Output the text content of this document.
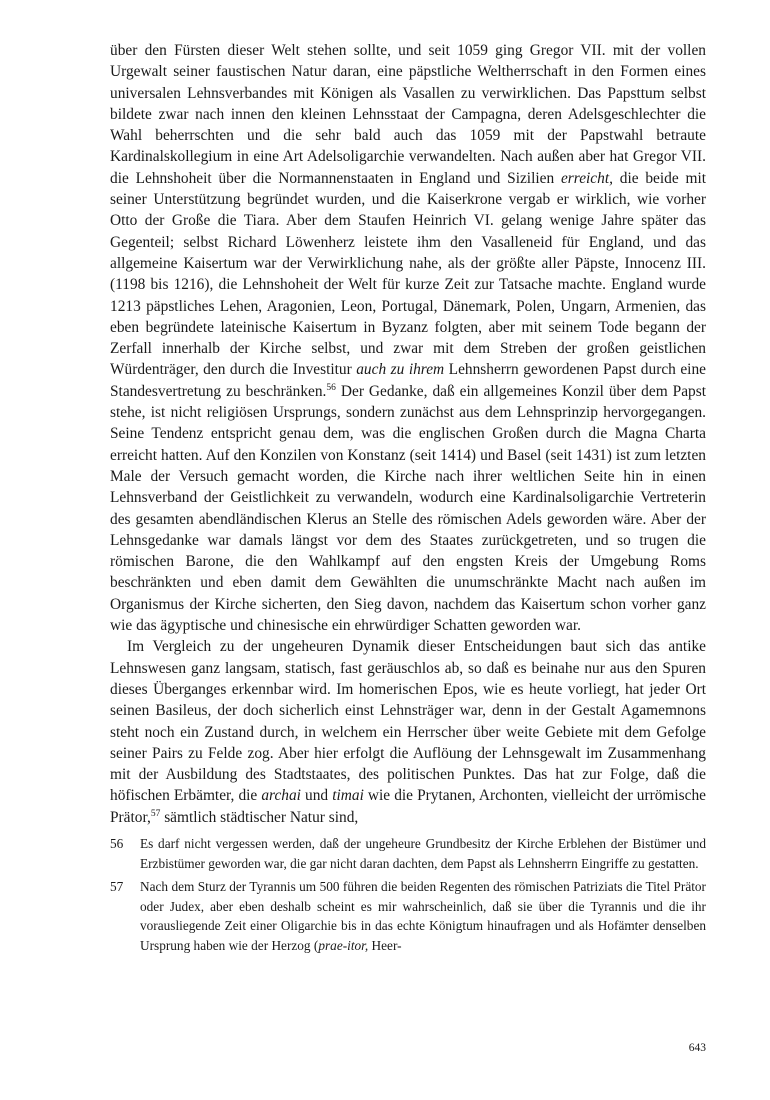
über den Fürsten dieser Welt stehen sollte, und seit 1059 ging Gregor VII. mit der vollen Urgewalt seiner faustischen Natur daran, eine päpstliche Weltherrschaft in den Formen eines universalen Lehnsverbandes mit Königen als Vasallen zu verwirklichen. Das Papsttum selbst bildete zwar nach innen den kleinen Lehnsstaat der Campagna, deren Adelsgeschlechter die Wahl beherrschten und die sehr bald auch das 1059 mit der Papstwahl betraute Kardinalskollegium in eine Art Adelsoligarchie verwandelten. Nach außen aber hat Gregor VII. die Lehnshoheit über die Normannenstaaten in England und Sizilien erreicht, die beide mit seiner Unterstützung begründet wurden, und die Kaiserkrone vergab er wirklich, wie vorher Otto der Große die Tiara. Aber dem Staufen Heinrich VI. gelang wenige Jahre später das Gegenteil; selbst Richard Löwenherz leistete ihm den Vasalleneid für England, und das allgemeine Kaisertum war der Verwirklichung nahe, als der größte aller Päpste, Innocenz III. (1198 bis 1216), die Lehnshoheit der Welt für kurze Zeit zur Tatsache machte. England wurde 1213 päpstliches Lehen, Aragonien, Leon, Portugal, Dänemark, Polen, Ungarn, Armenien, das eben begründete lateinische Kaisertum in Byzanz folgten, aber mit seinem Tode begann der Zerfall innerhalb der Kirche selbst, und zwar mit dem Streben der großen geistlichen Würdenträger, den durch die Investitur auch zu ihrem Lehnsherrn gewordenen Papst durch eine Standesvertretung zu beschränken.$^{56}$ Der Gedanke, daß ein allgemeines Konzil über dem Papst stehe, ist nicht religiösen Ursprungs, sondern zunächst aus dem Lehnsprinzip hervorgegangen. Seine Tendenz entspricht genau dem, was die englischen Großen durch die Magna Charta erreicht hatten. Auf den Konzilen von Konstanz (seit 1414) und Basel (seit 1431) ist zum letzten Male der Versuch gemacht worden, die Kirche nach ihrer weltlichen Seite hin in einen Lehnsverband der Geistlichkeit zu verwandeln, wodurch eine Kardinalsoligarchie Vertreterin des gesamten abendländischen Klerus an Stelle des römischen Adels geworden wäre. Aber der Lehnsgedanke war damals längst vor dem des Staates zurückgetreten, und so trugen die römischen Barone, die den Wahlkampf auf den engsten Kreis der Umgebung Roms beschränkten und eben damit dem Gewählten die unumschränkte Macht nach außen im Organismus der Kirche sicherten, den Sieg davon, nachdem das Kaisertum schon vorher ganz wie das ägyptische und chinesische ein ehrwürdiger Schatten geworden war.

Im Vergleich zu der ungeheuren Dynamik dieser Entscheidungen baut sich das antike Lehnswesen ganz langsam, statisch, fast geräuschlos ab, so daß es beinahe nur aus den Spuren dieses Überganges erkennbar wird. Im homerischen Epos, wie es heute vorliegt, hat jeder Ort seinen Basileus, der doch sicherlich einst Lehnsträger war, denn in der Gestalt Agamemnons steht noch ein Zustand durch, in welchem ein Herrscher über weite Gebiete mit dem Gefolge seiner Pairs zu Felde zog. Aber hier erfolgt die Auflöung der Lehnsgewalt im Zusammenhang mit der Ausbildung des Stadtstaates, des politischen Punktes. Das hat zur Folge, daß die höfischen Erbämter, die archai und timai wie die Prytanen, Archonten, vielleicht der urrömische Prätor,$^{57}$ sämtlich städtischer Natur sind,

56	Es darf nicht vergessen werden, daß der ungeheure Grundbesitz der Kirche Erblehen der Bistümer und Erzbistümer geworden war, die gar nicht daran dachten, dem Papst als Lehnsherrn Eingriffe zu gestatten.
57	Nach dem Sturz der Tyrannis um 500 führen die beiden Regenten des römischen Patriziats die Titel Prätor oder Judex, aber eben deshalb scheint es mir wahrscheinlich, daß sie über die Tyrannis und die ihr vorausliegende Zeit einer Oligarchie bis in das echte Königtum hinaufragen und als Hofämter denselben Ursprung haben wie der Herzog (prae-itor, Heer-
643
